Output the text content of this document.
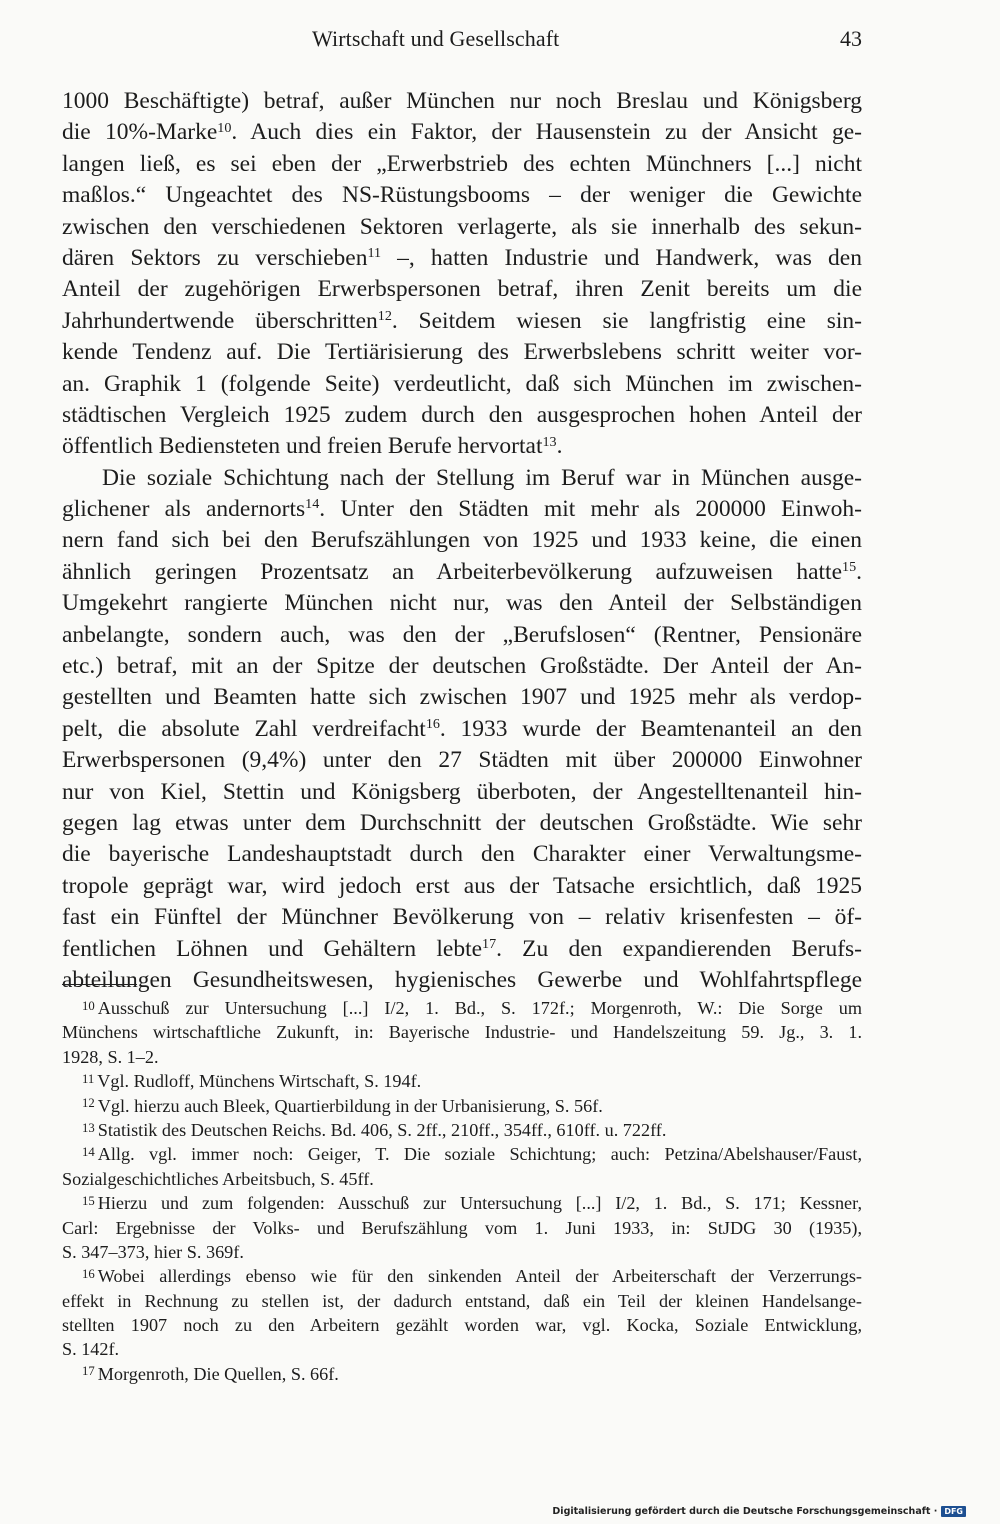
Wirtschaft und Gesellschaft	43
1000 Beschäftigte) betraf, außer München nur noch Breslau und Königsberg
die 10%-Marke$^{10}$. Auch dies ein Faktor, der Hausenstein zu der Ansicht ge-
langen ließ, es sei eben der „Erwerbstrieb des echten Münchners [...] nicht
maßlos.“ Ungeachtet des NS-Rüstungsbooms – der weniger die Gewichte
zwischen den verschiedenen Sektoren verlagerte, als sie innerhalb des sekun-
dären Sektors zu verschieben$^{11}$ –, hatten Industrie und Handwerk, was den
Anteil der zugehörigen Erwerbspersonen betraf, ihren Zenit bereits um die
Jahrhundertwende überschritten$^{12}$. Seitdem wiesen sie langfristig eine sin-
kende Tendenz auf. Die Tertiärisierung des Erwerbslebens schritt weiter vor-
an. Graphik 1 (folgende Seite) verdeutlicht, daß sich München im zwischen-
städtischen Vergleich 1925 zudem durch den ausgesprochen hohen Anteil der
öffentlich Bediensteten und freien Berufe hervortat$^{13}$.
Die soziale Schichtung nach der Stellung im Beruf war in München ausge-
glichener als andernorts$^{14}$. Unter den Städten mit mehr als 200000 Einwoh-
nern fand sich bei den Berufszählungen von 1925 und 1933 keine, die einen
ähnlich geringen Prozentsatz an Arbeiterbevölkerung aufzuweisen hatte$^{15}$.
Umgekehrt rangierte München nicht nur, was den Anteil der Selbständigen
anbelangte, sondern auch, was den der „Berufslosen“ (Rentner, Pensionäre
etc.) betraf, mit an der Spitze der deutschen Großstädte. Der Anteil der An-
gestellten und Beamten hatte sich zwischen 1907 und 1925 mehr als verdop-
pelt, die absolute Zahl verdreifacht$^{16}$. 1933 wurde der Beamtenanteil an den
Erwerbspersonen (9,4%) unter den 27 Städten mit über 200000 Einwohner
nur von Kiel, Stettin und Königsberg überboten, der Angestelltenanteil hin-
gegen lag etwas unter dem Durchschnitt der deutschen Großstädte. Wie sehr
die bayerische Landeshauptstadt durch den Charakter einer Verwaltungsme-
tropole geprägt war, wird jedoch erst aus der Tatsache ersichtlich, daß 1925
fast ein Fünftel der Münchner Bevölkerung von – relativ krisenfesten – öf-
fentlichen Löhnen und Gehältern lebte$^{17}$. Zu den expandierenden Berufs-
abteilungen Gesundheitswesen, hygienisches Gewerbe und Wohlfahrtspflege
$^{10}$ Ausschuß zur Untersuchung [...] I/2, 1. Bd., S. 172f.; Morgenroth, W.: Die Sorge um
Münchens wirtschaftliche Zukunft, in: Bayerische Industrie- und Handelszeitung 59. Jg., 3. 1.
1928, S. 1–2.
$^{11}$ Vgl. Rudloff, Münchens Wirtschaft, S. 194f.
$^{12}$ Vgl. hierzu auch Bleek, Quartierbildung in der Urbanisierung, S. 56f.
$^{13}$ Statistik des Deutschen Reichs. Bd. 406, S. 2ff., 210ff., 354ff., 610ff. u. 722ff.
$^{14}$ Allg. vgl. immer noch: Geiger, T. Die soziale Schichtung; auch: Petzina/Abelshauser/Faust,
Sozialgeschichtliches Arbeitsbuch, S. 45ff.
$^{15}$ Hierzu und zum folgenden: Ausschuß zur Untersuchung [...] I/2, 1. Bd., S. 171; Kessner,
Carl: Ergebnisse der Volks- und Berufszählung vom 1. Juni 1933, in: StJDG 30 (1935),
S. 347–373, hier S. 369f.
$^{16}$ Wobei allerdings ebenso wie für den sinkenden Anteil der Arbeiterschaft der Verzerrungs-
effekt in Rechnung zu stellen ist, der dadurch entstand, daß ein Teil der kleinen Handelsange-
stellten 1907 noch zu den Arbeitern gezählt worden war, vgl. Kocka, Soziale Entwicklung,
S. 142f.
$^{17}$ Morgenroth, Die Quellen, S. 66f.
Digitalisierung gefördert durch die Deutsche Forschungsgemeinschaft · DFG
